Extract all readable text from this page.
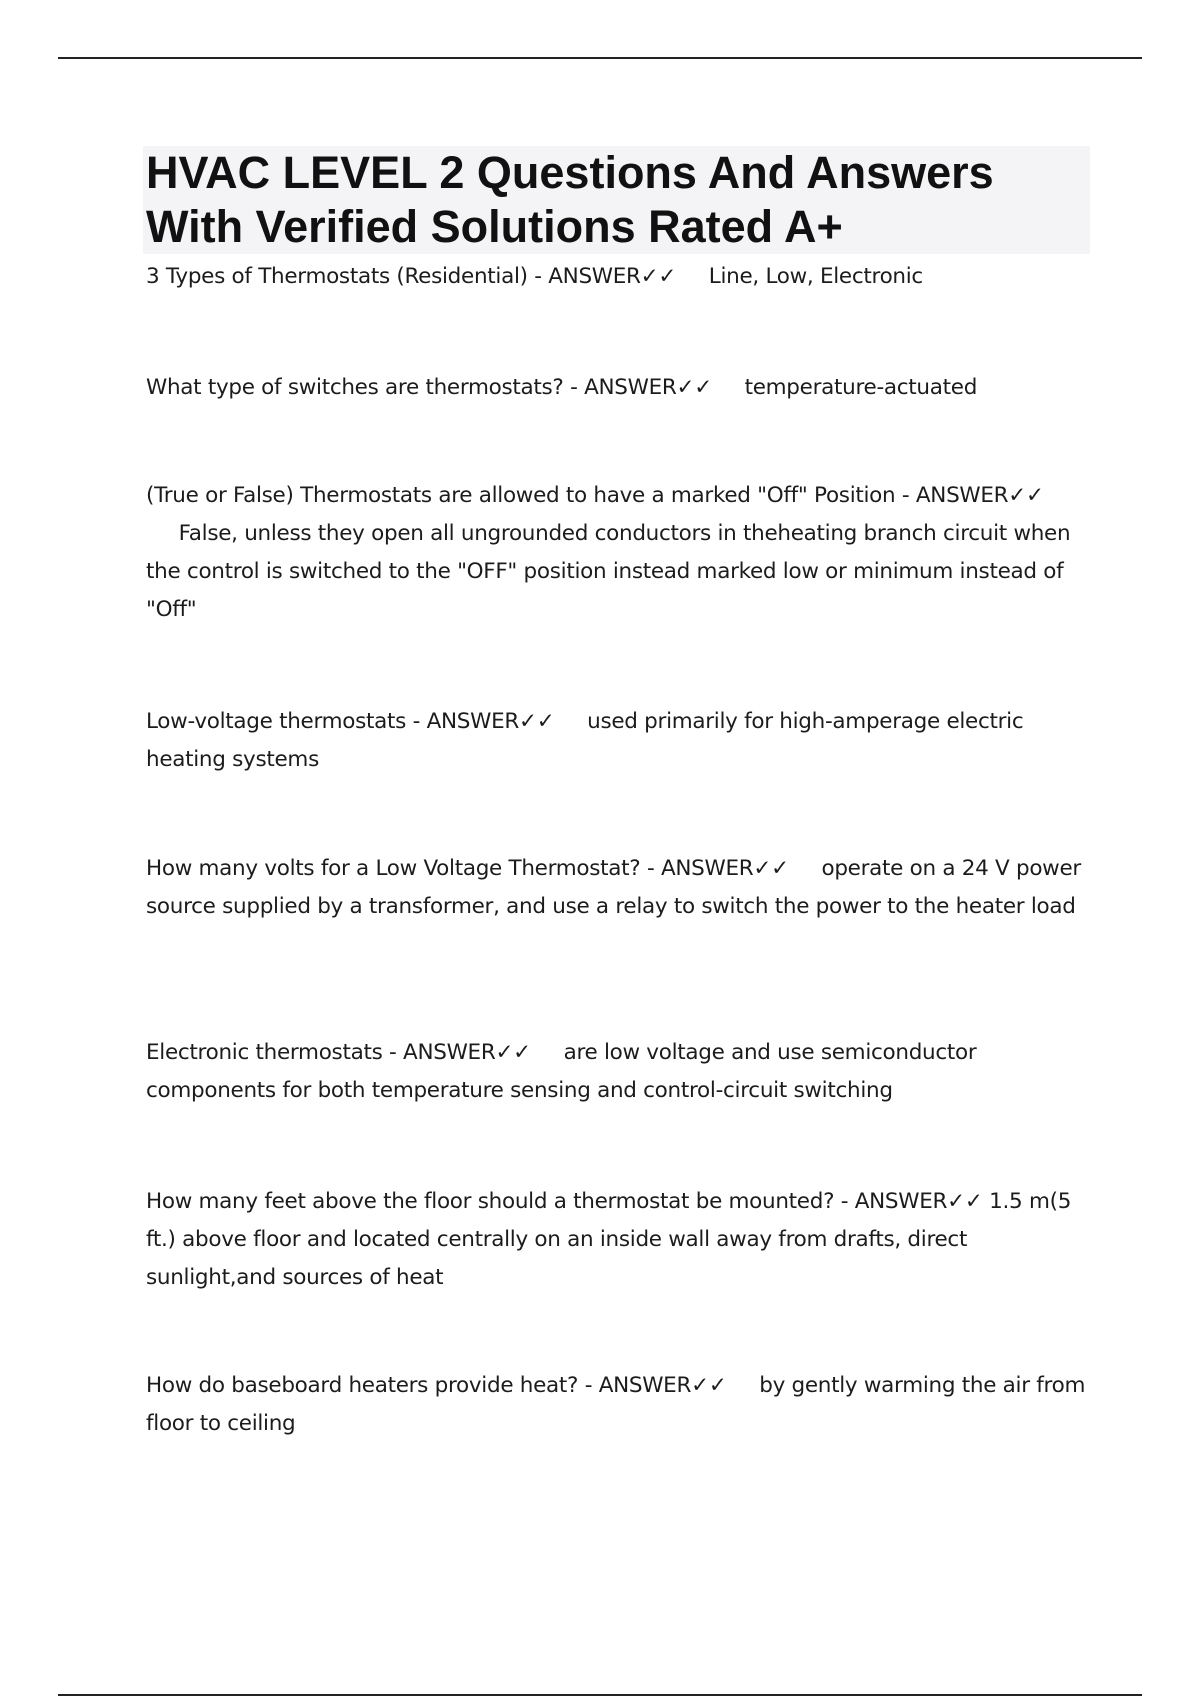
HVAC LEVEL 2 Questions And Answers With Verified Solutions Rated A+

3 Types of Thermostats (Residential) - ANSWER✓✓ Line, Low, Electronic

What type of switches are thermostats? - ANSWER✓✓ temperature-actuated

(True or False) Thermostats are allowed to have a marked "Off" Position - ANSWER✓✓     False, unless they open all ungrounded conductors in theheating branch circuit when the control is switched to the "OFF" position instead marked low or minimum instead of "Off"

Low-voltage thermostats - ANSWER✓✓ used primarily for high-amperage electric heating systems

How many volts for a Low Voltage Thermostat? - ANSWER✓✓ operate on a 24 V power source supplied by a transformer, and use a relay to switch the power to the heater load

Electronic thermostats - ANSWER✓✓ are low voltage and use semiconductor components for both temperature sensing and control-circuit switching

How many feet above the floor should a thermostat be mounted? - ANSWER✓✓ 1.5 m(5 ft.) above floor and located centrally on an inside wall away from drafts, direct sunlight,and sources of heat

How do baseboard heaters provide heat? - ANSWER✓✓ by gently warming the air from floor to ceiling
